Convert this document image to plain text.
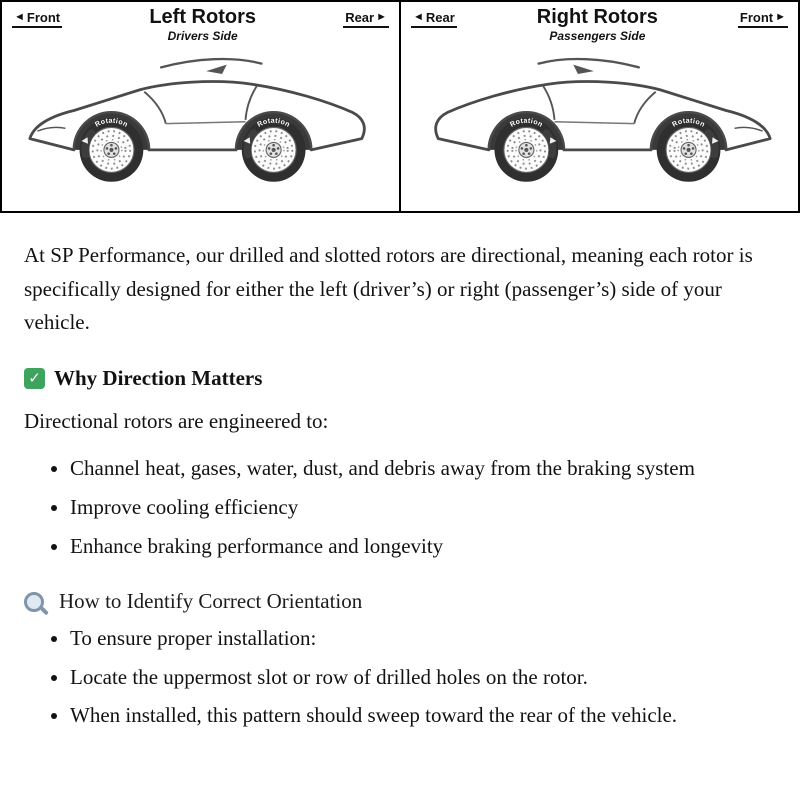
◄ Front	Left Rotors
Drivers Side
Rear ►
Rotation	Rotation
◄ Rear	Right Rotors
Passengers Side
Front ►
Rotation	Rotation

At SP Performance, our drilled and slotted rotors are directional, meaning each rotor is specifically designed for either the left (driver’s) or right (passenger’s) side of your vehicle.

✓ Why Direction Matters

Directional rotors are engineered to:

• Channel heat, gases, water, dust, and debris away from the braking system
• Improve cooling efficiency
• Enhance braking performance and longevity
How to Identify Correct Orientation
• To ensure proper installation:
• Locate the uppermost slot or row of drilled holes on the rotor.
• When installed, this pattern should sweep toward the rear of the vehicle.
